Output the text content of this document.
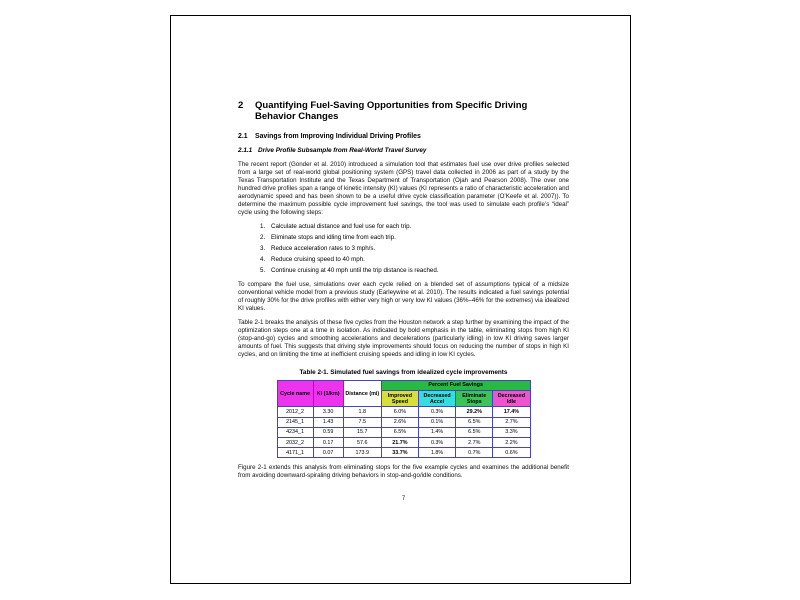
2	Quantifying Fuel-Saving Opportunities from Specific Driving Behavior Changes
2.1	Savings from Improving Individual Driving Profiles
2.1.1 Drive Profile Subsample from Real-World Travel Survey
The recent report (Gonder et al. 2010) introduced a simulation tool that estimates fuel use over drive profiles selected from a large set of real-world global positioning system (GPS) travel data collected in 2006 as part of a study by the Texas Transportation Institute and the Texas Department of Transportation (Ojah and Pearson 2008). The over one hundred drive profiles span a range of kinetic intensity (KI) values (KI represents a ratio of characteristic acceleration and aerodynamic speed and has been shown to be a useful drive cycle classification parameter (O’Keefe et al. 2007)). To determine the maximum possible cycle improvement fuel savings, the tool was used to simulate each profile’s “ideal” cycle using the following steps:
1. Calculate actual distance and fuel use for each trip.
2. Eliminate stops and idling time from each trip.
3. Reduce acceleration rates to 3 mph/s.
4. Reduce cruising speed to 40 mph.
5. Continue cruising at 40 mph until the trip distance is reached.
To compare the fuel use, simulations over each cycle relied on a blended set of assumptions typical of a midsize conventional vehicle model from a previous study (Earleywine et al. 2010). The results indicated a fuel savings potential of roughly 30% for the drive profiles with either very high or very low KI values (36%–46% for the extremes) via idealized KI values.
Table 2-1 breaks the analysis of these five cycles from the Houston network a step further by examining the impact of the optimization steps one at a time in isolation. As indicated by bold emphasis in the table, eliminating stops from high KI (stop-and-go) cycles and smoothing accelerations and decelerations (particularly idling) in low KI driving saves larger amounts of fuel. This suggests that driving style improvements should focus on reducing the number of stops in high KI cycles, and on limiting the time at inefficient cruising speeds and idling in low KI cycles.
Table 2-1. Simulated fuel savings from idealized cycle improvements
Cycle name	KI (1/km)	Distance (mi)	Percent Fuel Savings			
			Improved Speed	Decreased Accel	Eliminate Stops	Decreased Idle
2012_2	3.30	1.8	6.0%	0.3%	29.2%	17.4%
2145_1	1.43	7.5	2.6%	0.1%	6.5%	2.7%
4234_1	0.59	15.7	6.5%	1.4%	6.5%	3.3%
2032_2	0.17	57.6	21.7%	0.3%	2.7%	2.2%
4171_1	0.07	173.9	33.7%	1.8%	0.7%	0.6%
Figure 2-1 extends this analysis from eliminating stops for the five example cycles and examines the additional benefit from avoiding downward-spiraling driving behaviors in stop-and-go/idle conditions.
7
